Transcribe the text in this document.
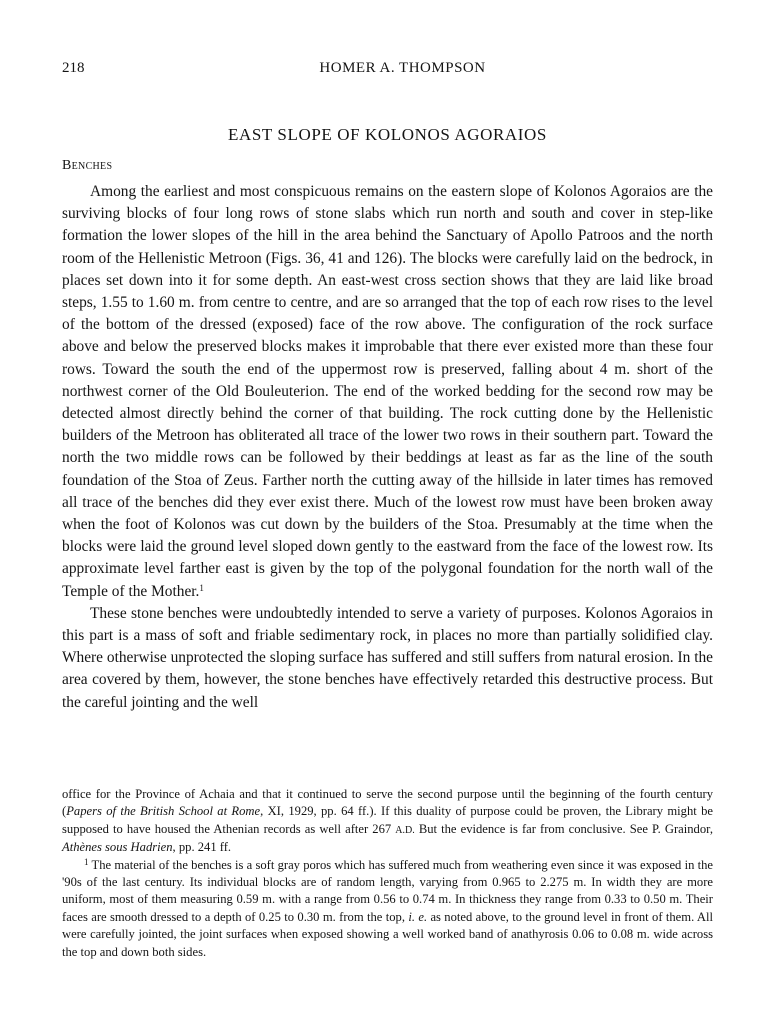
218	HOMER A. THOMPSON
EAST SLOPE OF KOLONOS AGORAIOS
Benches

Among the earliest and most conspicuous remains on the eastern slope of Kolonos Agoraios are the surviving blocks of four long rows of stone slabs which run north and south and cover in step-like formation the lower slopes of the hill in the area behind the Sanctuary of Apollo Patroos and the north room of the Hellenistic Metroon (Figs. 36, 41 and 126). The blocks were carefully laid on the bedrock, in places set down into it for some depth. An east-west cross section shows that they are laid like broad steps, 1.55 to 1.60 m. from centre to centre, and are so arranged that the top of each row rises to the level of the bottom of the dressed (exposed) face of the row above. The configuration of the rock surface above and below the preserved blocks makes it improbable that there ever existed more than these four rows. Toward the south the end of the uppermost row is preserved, falling about 4 m. short of the northwest corner of the Old Bouleuterion. The end of the worked bedding for the second row may be detected almost directly behind the corner of that building. The rock cutting done by the Hellenistic builders of the Metroon has obliterated all trace of the lower two rows in their southern part. Toward the north the two middle rows can be followed by their beddings at least as far as the line of the south foundation of the Stoa of Zeus. Farther north the cutting away of the hillside in later times has removed all trace of the benches did they ever exist there. Much of the lowest row must have been broken away when the foot of Kolonos was cut down by the builders of the Stoa. Presumably at the time when the blocks were laid the ground level sloped down gently to the eastward from the face of the lowest row. Its approximate level farther east is given by the top of the polygonal foundation for the north wall of the Temple of the Mother.$^1$

These stone benches were undoubtedly intended to serve a variety of purposes. Kolonos Agoraios in this part is a mass of soft and friable sedimentary rock, in places no more than partially solidified clay. Where otherwise unprotected the sloping surface has suffered and still suffers from natural erosion. In the area covered by them, however, the stone benches have effectively retarded this destructive process. But the careful jointing and the well

office for the Province of Achaia and that it continued to serve the second purpose until the beginning of the fourth century (Papers of the British School at Rome, XI, 1929, pp. 64 ff.). If this duality of purpose could be proven, the Library might be supposed to have housed the Athenian records as well after 267 A.D. But the evidence is far from conclusive. See P. Graindor, Athènes sous Hadrien, pp. 241 ff.

$^1$ The material of the benches is a soft gray poros which has suffered much from weathering even since it was exposed in the '90s of the last century. Its individual blocks are of random length, varying from 0.965 to 2.275 m. In width they are more uniform, most of them measuring 0.59 m. with a range from 0.56 to 0.74 m. In thickness they range from 0.33 to 0.50 m. Their faces are smooth dressed to a depth of 0.25 to 0.30 m. from the top, i. e. as noted above, to the ground level in front of them. All were carefully jointed, the joint surfaces when exposed showing a well worked band of anathyrosis 0.06 to 0.08 m. wide across the top and down both sides.
